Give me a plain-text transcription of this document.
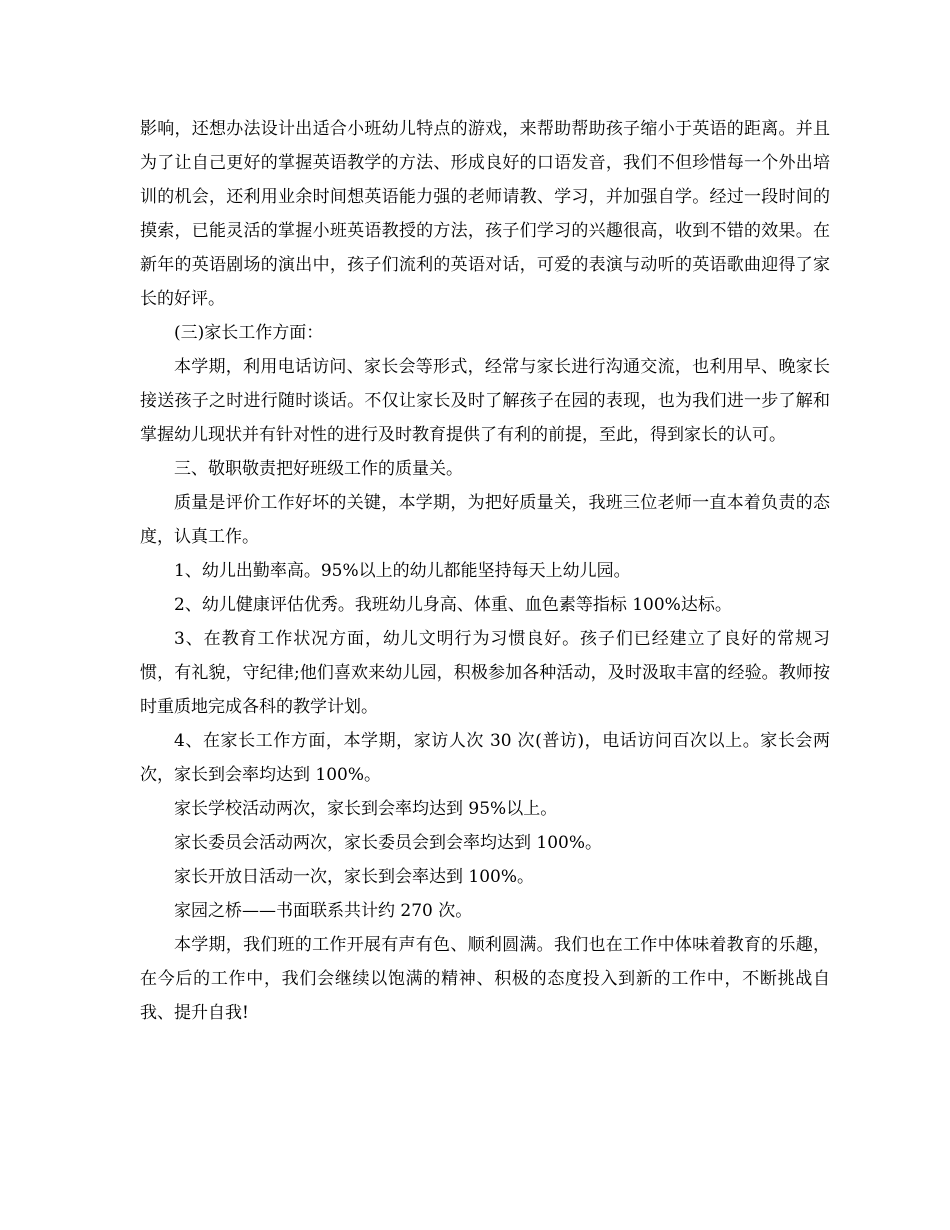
影响，还想办法设计出适合小班幼儿特点的游戏，来帮助帮助孩子缩小于英语的距离。并且为了让自己更好的掌握英语教学的方法、形成良好的口语发音，我们不但珍惜每一个外出培训的机会，还利用业余时间想英语能力强的老师请教、学习，并加强自学。经过一段时间的摸索，已能灵活的掌握小班英语教授的方法，孩子们学习的兴趣很高，收到不错的效果。在新年的英语剧场的演出中，孩子们流利的英语对话，可爱的表演与动听的英语歌曲迎得了家长的好评。

(三)家长工作方面：

本学期，利用电话访问、家长会等形式，经常与家长进行沟通交流，也利用早、晚家长接送孩子之时进行随时谈话。不仅让家长及时了解孩子在园的表现，也为我们进一步了解和掌握幼儿现状并有针对性的进行及时教育提供了有利的前提，至此，得到家长的认可。

三、敬职敬责把好班级工作的质量关。

质量是评价工作好坏的关键，本学期，为把好质量关，我班三位老师一直本着负责的态度，认真工作。

1、幼儿出勤率高。95%以上的幼儿都能坚持每天上幼儿园。

2、幼儿健康评估优秀。我班幼儿身高、体重、血色素等指标 100%达标。

3、在教育工作状况方面，幼儿文明行为习惯良好。孩子们已经建立了良好的常规习惯，有礼貌，守纪律;他们喜欢来幼儿园，积极参加各种活动，及时汲取丰富的经验。教师按时重质地完成各科的教学计划。

4、在家长工作方面，本学期，家访人次 30 次(普访)，电话访问百次以上。家长会两次，家长到会率均达到 100%。

家长学校活动两次，家长到会率均达到 95%以上。

家长委员会活动两次，家长委员会到会率均达到 100%。

家长开放日活动一次，家长到会率达到 100%。

家园之桥——书面联系共计约 270 次。

本学期，我们班的工作开展有声有色、顺利圆满。我们也在工作中体味着教育的乐趣，在今后的工作中，我们会继续以饱满的精神、积极的态度投入到新的工作中，不断挑战自我、提升自我!
